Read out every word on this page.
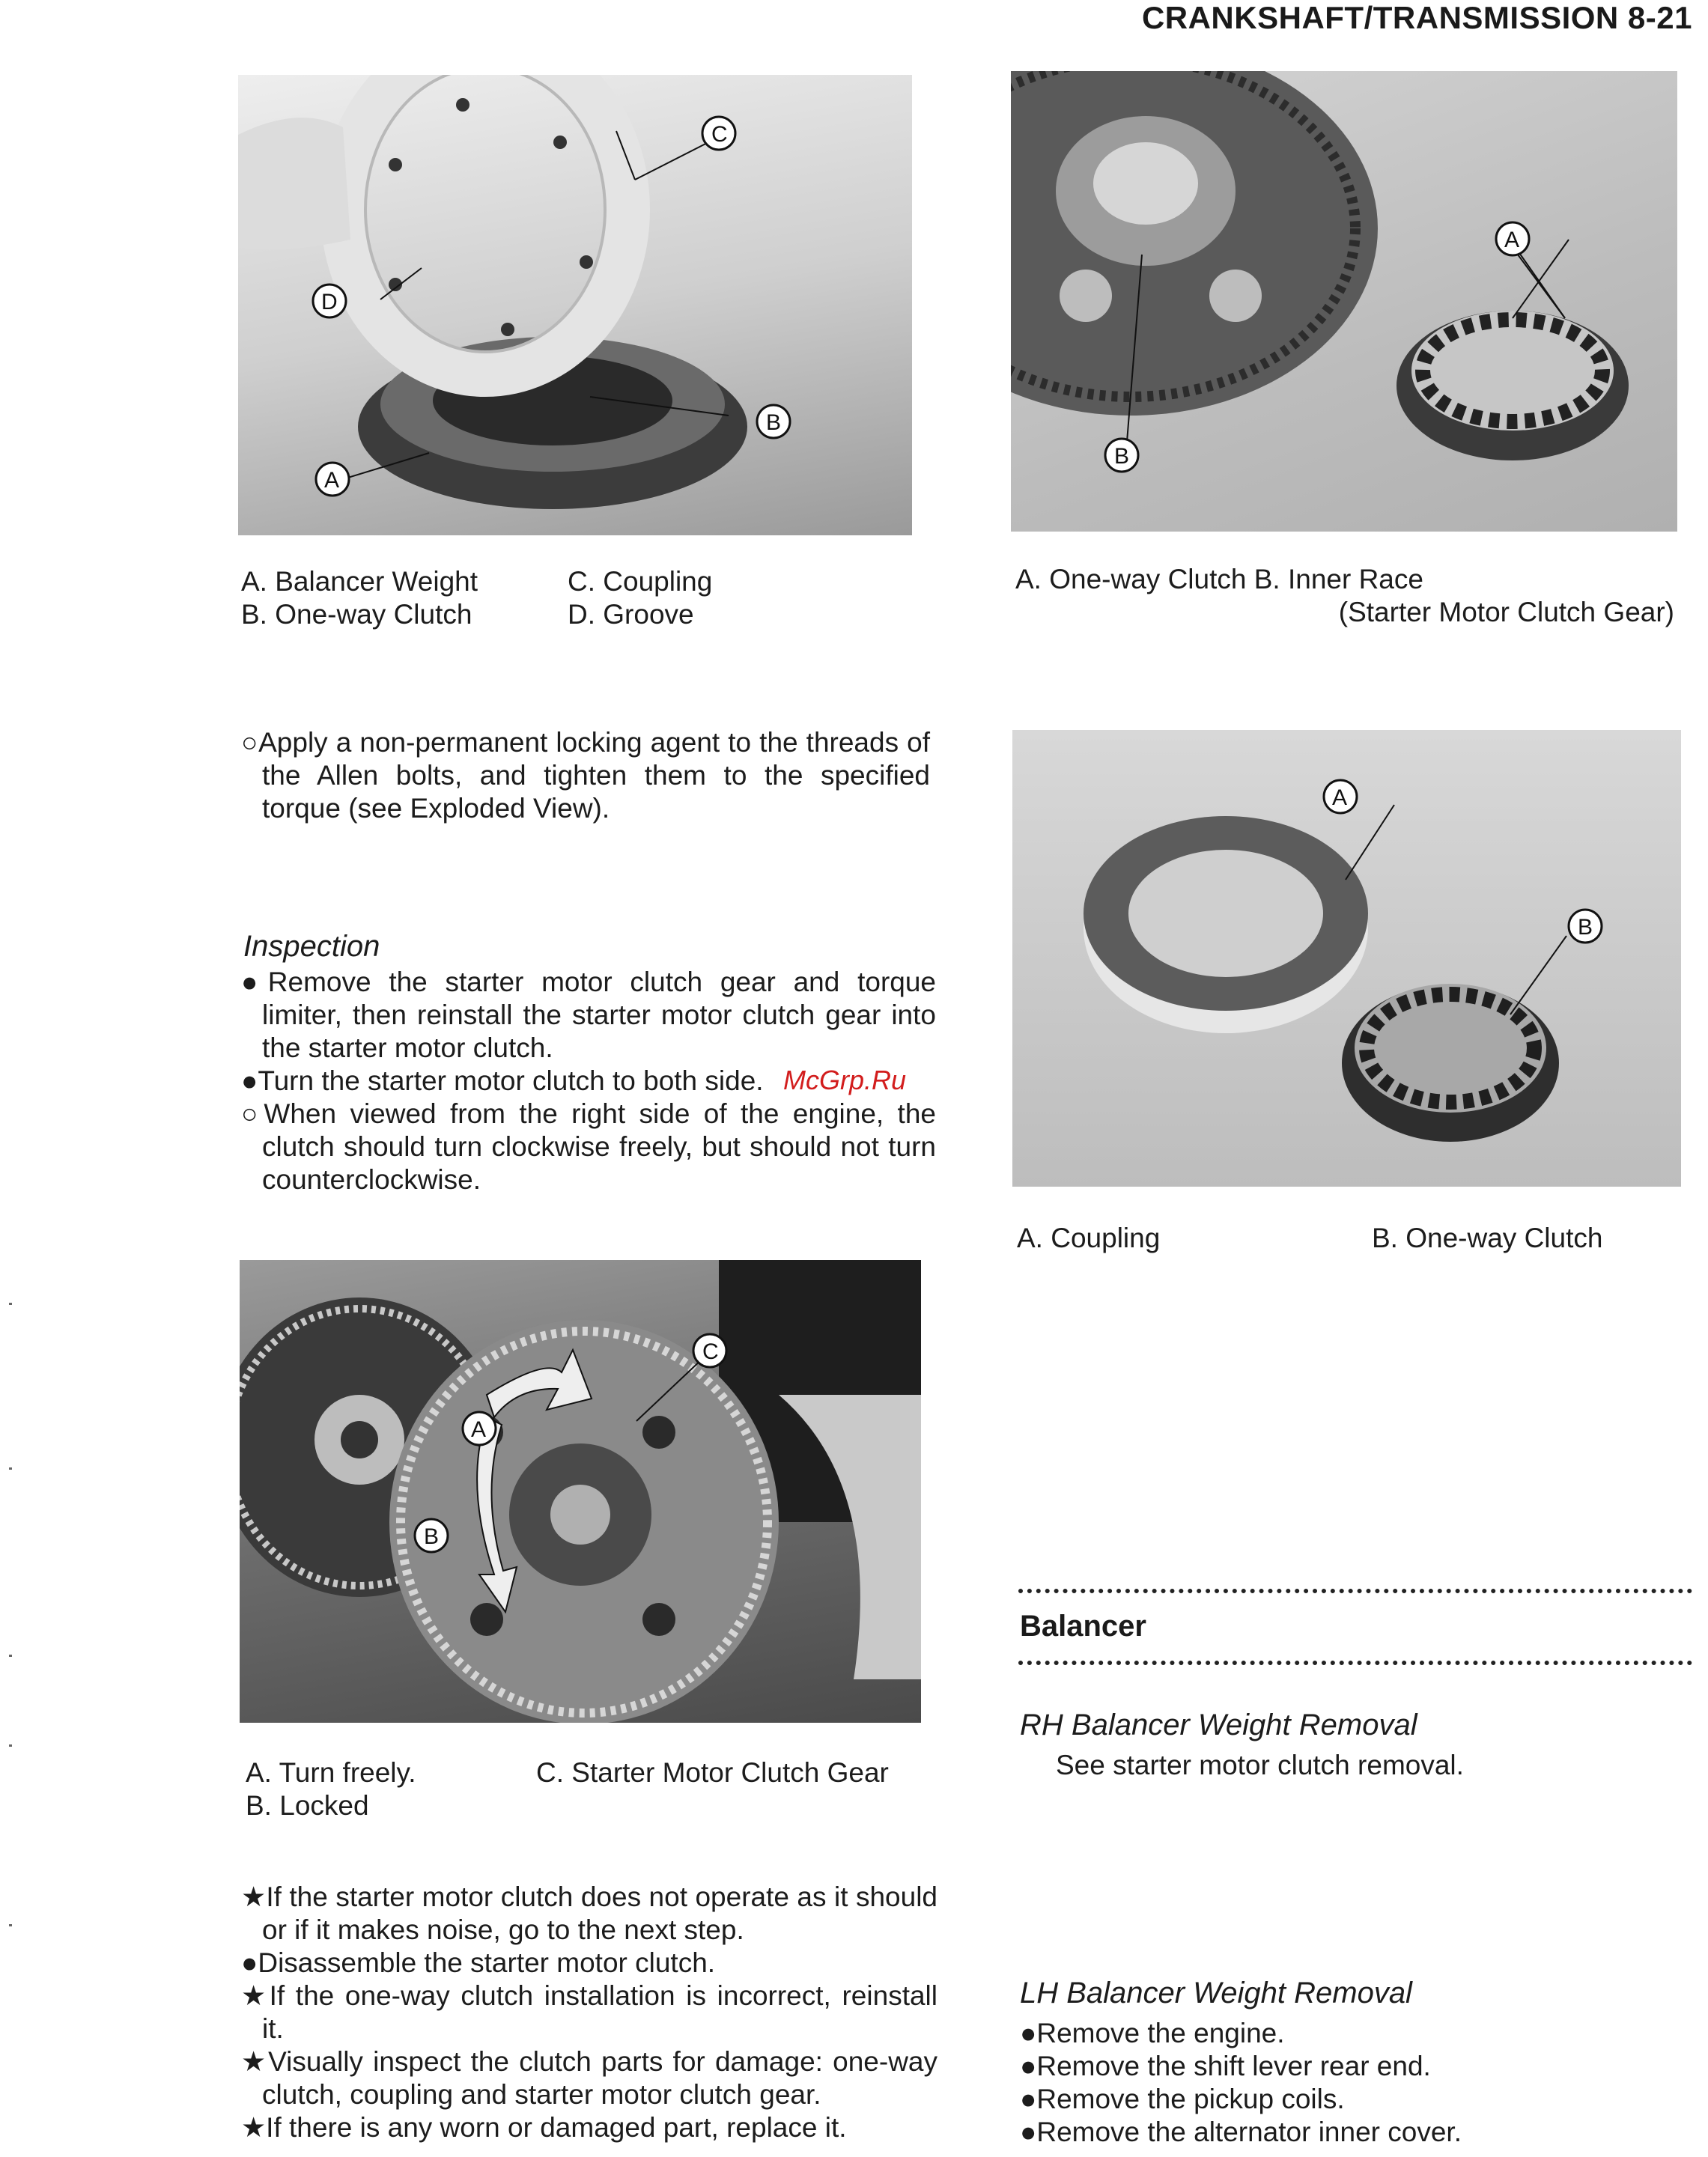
CRANKSHAFT/TRANSMISSION 8-21
C
D
B
A
A. Balancer Weight
B. One-way Clutch
C. Coupling
D. Groove
A
B
A. One-way Clutch B. Inner Race
(Starter Motor Clutch Gear)

○Apply a non-permanent locking agent to the threads of the Allen bolts, and tighten them to the specified torque (see Exploded View).	A
B
A. Coupling	B. One-way Clutch
Inspection

●Remove the starter motor clutch gear and torque limiter, then reinstall the starter motor clutch gear into the starter motor clutch.

●Turn the starter motor clutch to both side.

○When viewed from the right side of the engine, the clutch should turn clockwise freely, but should not turn counterclockwise.

McGrp.Ru
A
B
C
A. Turn freely.
B. Locked
C. Starter Motor Clutch Gear

★If the starter motor clutch does not operate as it should or if it makes noise, go to the next step.

●Disassemble the starter motor clutch.

★If the one-way clutch installation is incorrect, reinstall it.

★Visually inspect the clutch parts for damage: one-way clutch, coupling and starter motor clutch gear.

★If there is any worn or damaged part, replace it.

Balancer
RH Balancer Weight Removal
See starter motor clutch removal.
LH Balancer Weight Removal

●Remove the engine.

●Remove the shift lever rear end.

●Remove the pickup coils.

●Remove the alternator inner cover.
